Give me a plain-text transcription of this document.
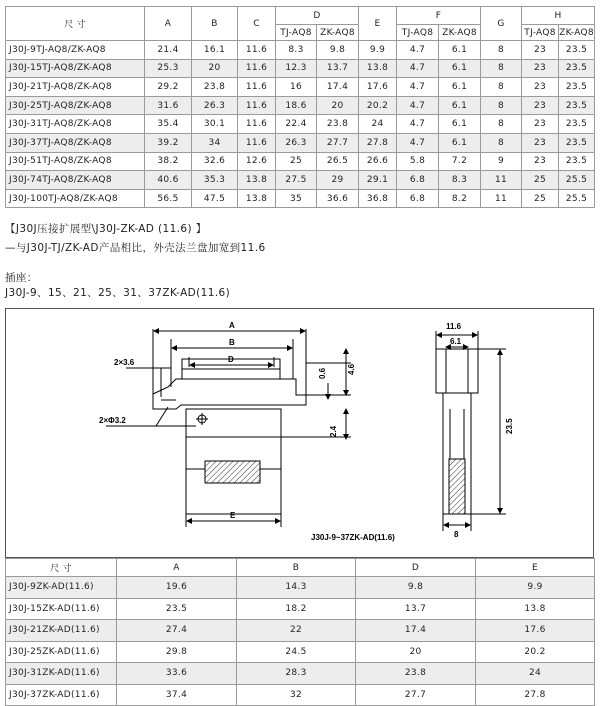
尺 寸	A	B	C	D		E	F		G	H	
				TJ-AQ8	ZK-AQ8		TJ-AQ8	ZK-AQ8		TJ-AQ8	ZK-AQ8
J30J-9TJ-AQ8/ZK-AQ8	21.4	16.1	11.6	8.3	9.8	9.9	4.7	6.1	8	23	23.5
J30J-15TJ-AQ8/ZK-AQ8	25.3	20	11.6	12.3	13.7	13.8	4.7	6.1	8	23	23.5
J30J-21TJ-AQ8/ZK-AQ8	29.2	23.8	11.6	16	17.4	17.6	4.7	6.1	8	23	23.5
J30J-25TJ-AQ8/ZK-AQ8	31.6	26.3	11.6	18.6	20	20.2	4.7	6.1	8	23	23.5
J30J-31TJ-AQ8/ZK-AQ8	35.4	30.1	11.6	22.4	23.8	24	4.7	6.1	8	23	23.5
J30J-37TJ-AQ8/ZK-AQ8	39.2	34	11.6	26.3	27.7	27.8	4.7	6.1	8	23	23.5
J30J-51TJ-AQ8/ZK-AQ8	38.2	32.6	12.6	25	26.5	26.6	5.8	7.2	9	23	23.5
J30J-74TJ-AQ8/ZK-AQ8	40.6	35.3	13.8	27.5	29	29.1	6.8	8.3	11	25	25.5
J30J-100TJ-AQ8/ZK-AQ8	56.5	47.5	13.8	35	36.6	36.8	6.8	8.2	11	25	25.5
【J30J压接扩展型\J30J-ZK-AD (11.6) 】
—与J30J-TJ/ZK-AD产品相比，外壳法兰盘加宽到11.6
插座：
J30J-9、15、21、25、31、37ZK-AD(11.6)
A
B
D
E
2×3.6
2×Φ3.2
4.6
0.6
2.4
11.6
6.1
23.5
8
J30J-9~37ZK-AD(11.6)
尺 寸	A	B	D	E
J30J-9ZK-AD(11.6)	19.6	14.3	9.8	9.9
J30J-15ZK-AD(11.6)	23.5	18.2	13.7	13.8
J30J-21ZK-AD(11.6)	27.4	22	17.4	17.6
J30J-25ZK-AD(11.6)	29.8	24.5	20	20.2
J30J-31ZK-AD(11.6)	33.6	28.3	23.8	24
J30J-37ZK-AD(11.6)	37.4	32	27.7	27.8
